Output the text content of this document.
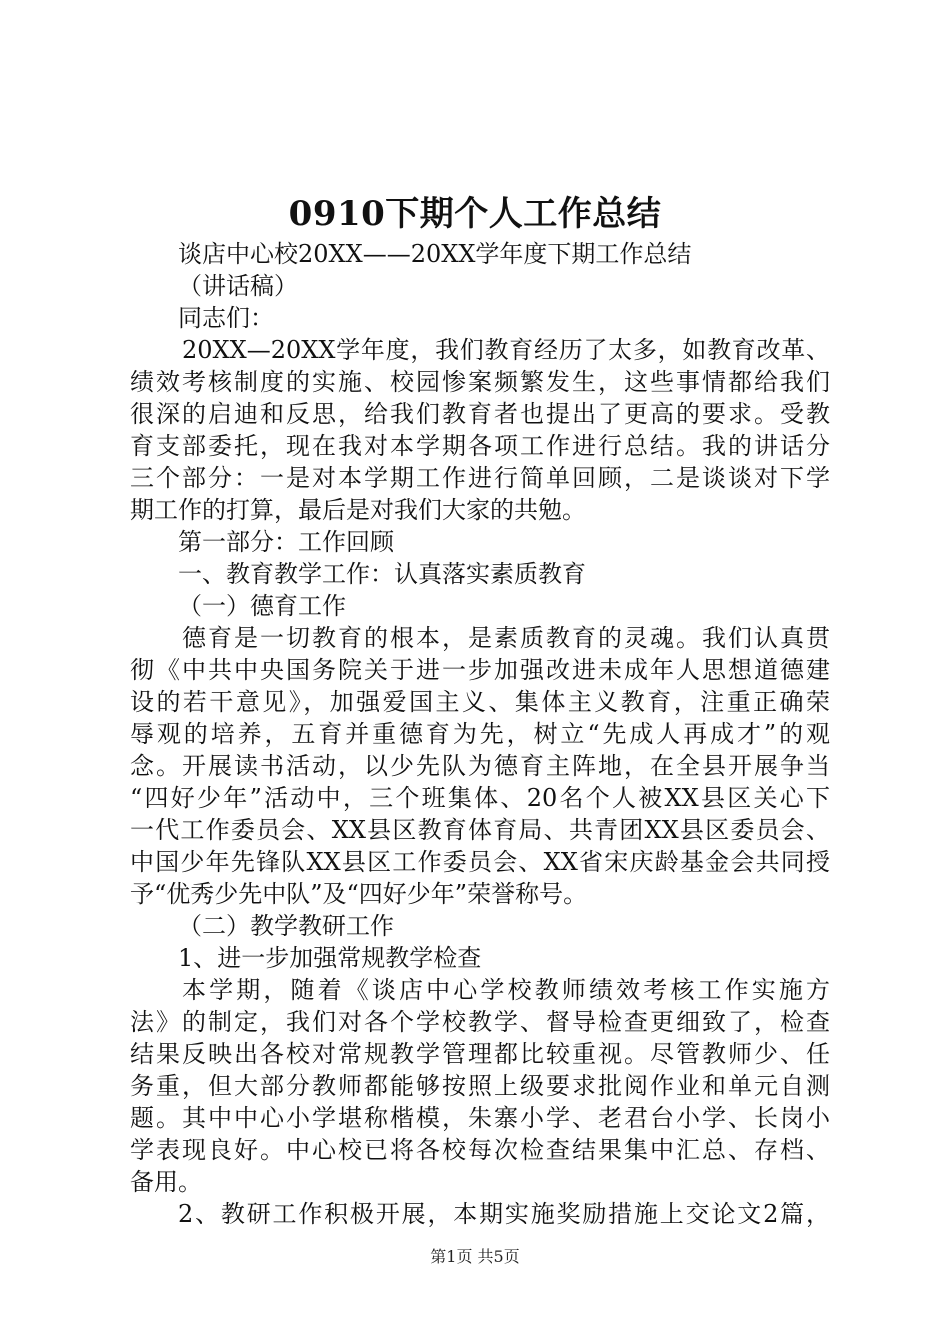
0910下期个人工作总结
谈店中心校20XX——20XX学年度下期工作总结
（讲话稿）
同志们：
20XX—20XX学年度，我们教育经历了太多，如教育改革、
绩效考核制度的实施、校园惨案频繁发生，这些事情都给我们
很深的启迪和反思，给我们教育者也提出了更高的要求。受教
育支部委托，现在我对本学期各项工作进行总结。我的讲话分
三个部分：一是对本学期工作进行简单回顾，二是谈谈对下学
期工作的打算，最后是对我们大家的共勉。
第一部分：工作回顾
一、教育教学工作：认真落实素质教育
（一）德育工作
德育是一切教育的根本，是素质教育的灵魂。我们认真贯
彻《中共中央国务院关于进一步加强改进未成年人思想道德建
设的若干意见》，加强爱国主义、集体主义教育，注重正确荣
辱观的培养，五育并重德育为先，树立“先成人再成才”的观
念。开展读书活动，以少先队为德育主阵地，在全县开展争当
“四好少年”活动中，三个班集体、20名个人被XX县区关心下
一代工作委员会、XX县区教育体育局、共青团XX县区委员会、
中国少年先锋队XX县区工作委员会、XX省宋庆龄基金会共同授
予“优秀少先中队”及“四好少年”荣誉称号。
（二）教学教研工作
1、进一步加强常规教学检查
本学期，随着《谈店中心学校教师绩效考核工作实施方
法》的制定，我们对各个学校教学、督导检查更细致了，检查
结果反映出各校对常规教学管理都比较重视。尽管教师少、任
务重，但大部分教师都能够按照上级要求批阅作业和单元自测
题。其中中心小学堪称楷模，朱寨小学、老君台小学、长岗小
学表现良好。中心校已将各校每次检查结果集中汇总、存档、
备用。
2、教研工作积极开展，本期实施奖励措施上交论文2篇，
第1页 共5页
